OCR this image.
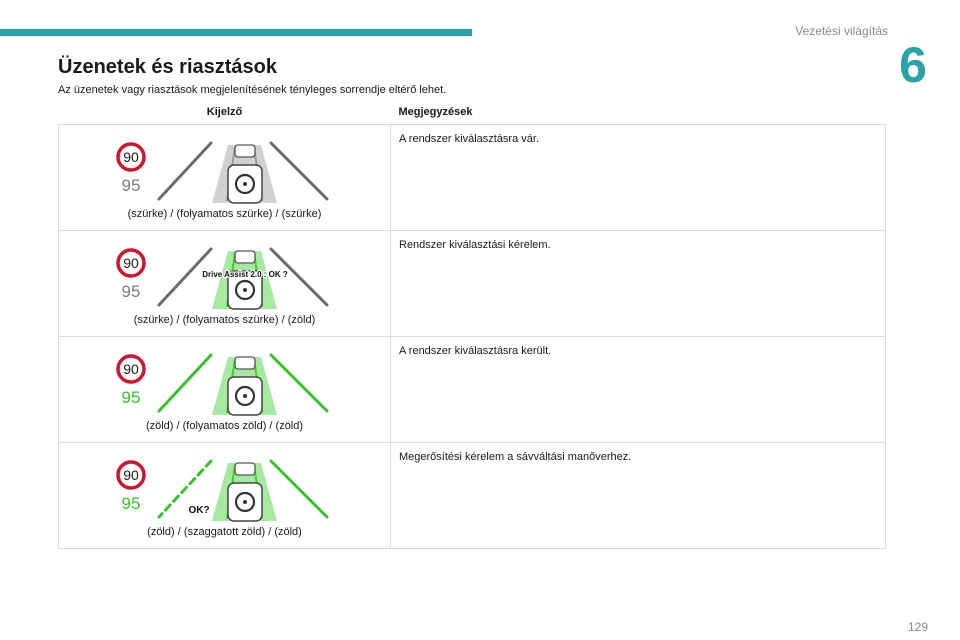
Vezetési világítás
6
Üzenetek és riasztások
Az üzenetek vagy riasztások megjelenítésének tényleges sorrendje eltérő lehet.
Kijelző	Megjegyzések

90
95
(szürke) / (folyamatos szürke) / (szürke)	A rendszer kiválasztásra vár.

90
95
Drive Assist 2.0 : OK ?
(szürke) / (folyamatos szürke) / (zöld)	Rendszer kiválasztási kérelem.

90
95
(zöld) / (folyamatos zöld) / (zöld)	A rendszer kiválasztásra került.

90
95 OK?
(zöld) / (szaggatott zöld) / (zöld)	Megerősítési kérelem a sávváltási manőverhez.
129
